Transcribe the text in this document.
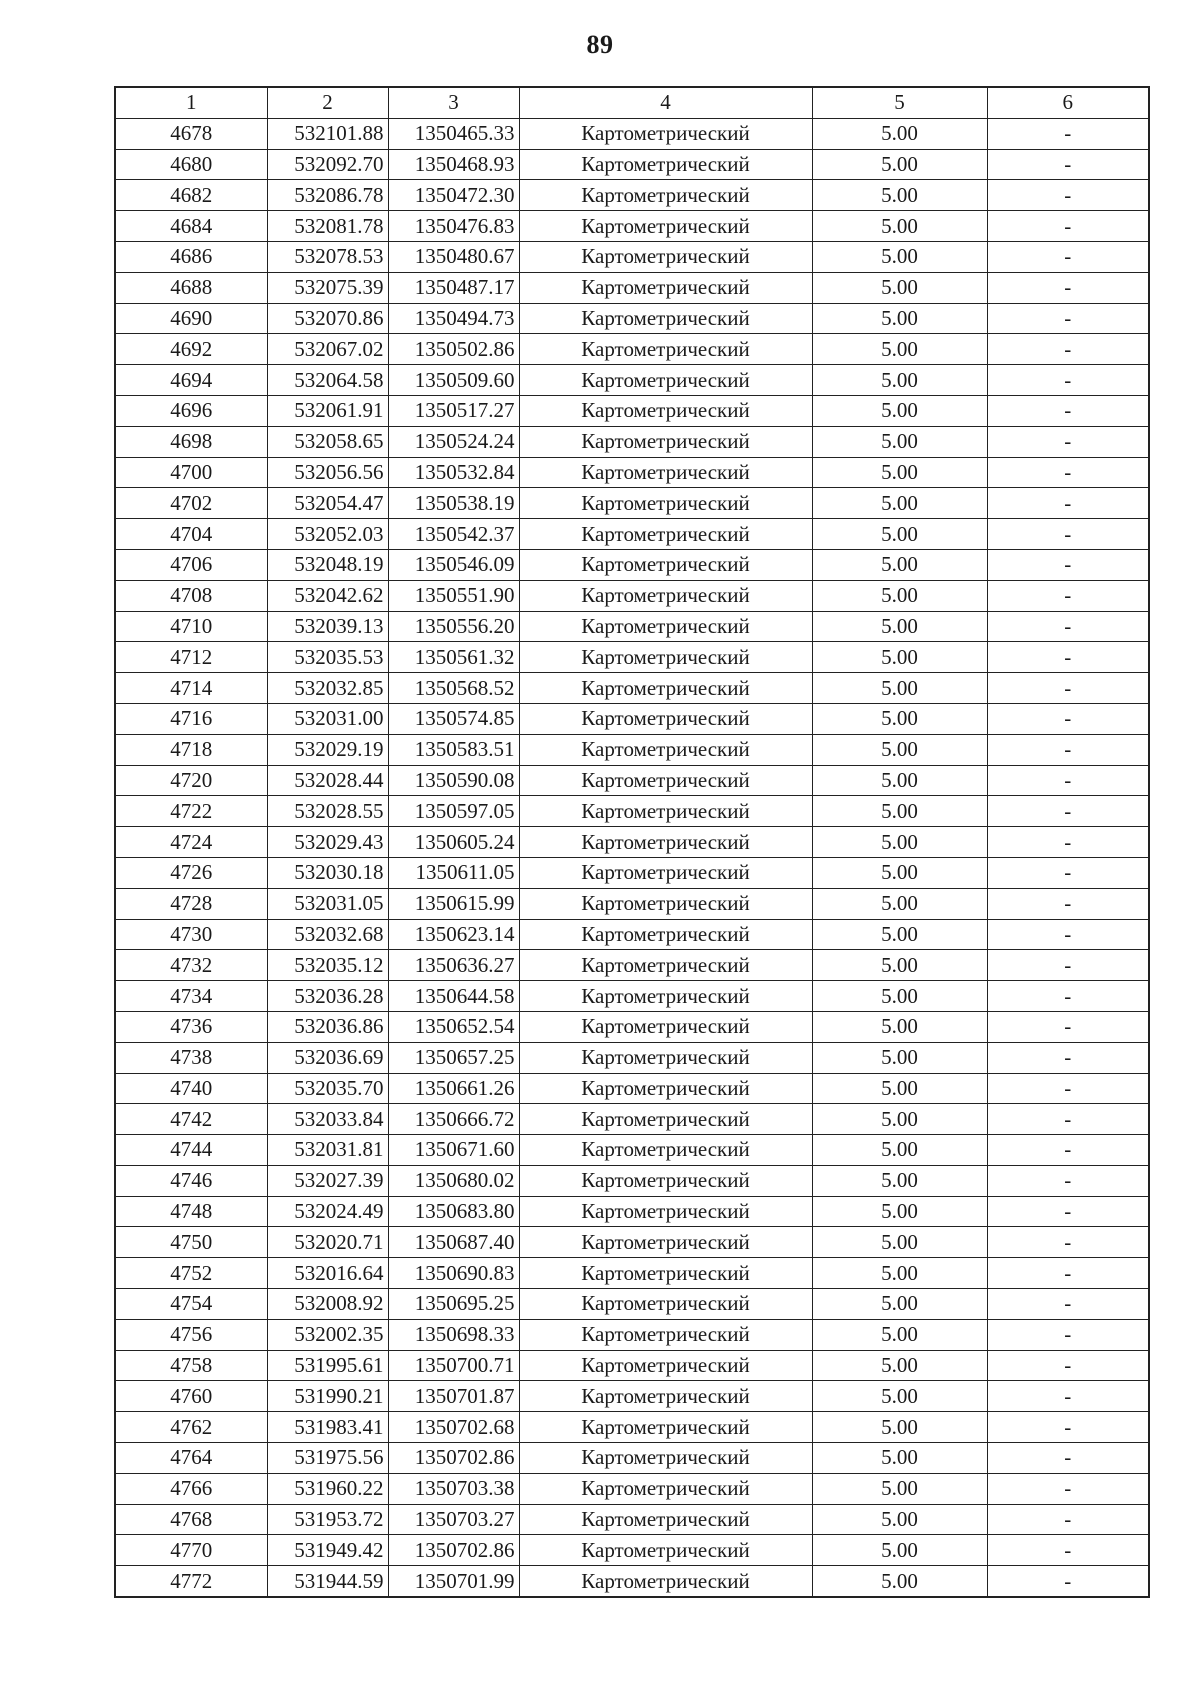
89
1	2	3	4	5	6
4678	532101.88	1350465.33	Картометрический	5.00	-
4680	532092.70	1350468.93	Картометрический	5.00	-
4682	532086.78	1350472.30	Картометрический	5.00	-
4684	532081.78	1350476.83	Картометрический	5.00	-
4686	532078.53	1350480.67	Картометрический	5.00	-
4688	532075.39	1350487.17	Картометрический	5.00	-
4690	532070.86	1350494.73	Картометрический	5.00	-
4692	532067.02	1350502.86	Картометрический	5.00	-
4694	532064.58	1350509.60	Картометрический	5.00	-
4696	532061.91	1350517.27	Картометрический	5.00	-
4698	532058.65	1350524.24	Картометрический	5.00	-
4700	532056.56	1350532.84	Картометрический	5.00	-
4702	532054.47	1350538.19	Картометрический	5.00	-
4704	532052.03	1350542.37	Картометрический	5.00	-
4706	532048.19	1350546.09	Картометрический	5.00	-
4708	532042.62	1350551.90	Картометрический	5.00	-
4710	532039.13	1350556.20	Картометрический	5.00	-
4712	532035.53	1350561.32	Картометрический	5.00	-
4714	532032.85	1350568.52	Картометрический	5.00	-
4716	532031.00	1350574.85	Картометрический	5.00	-
4718	532029.19	1350583.51	Картометрический	5.00	-
4720	532028.44	1350590.08	Картометрический	5.00	-
4722	532028.55	1350597.05	Картометрический	5.00	-
4724	532029.43	1350605.24	Картометрический	5.00	-
4726	532030.18	1350611.05	Картометрический	5.00	-
4728	532031.05	1350615.99	Картометрический	5.00	-
4730	532032.68	1350623.14	Картометрический	5.00	-
4732	532035.12	1350636.27	Картометрический	5.00	-
4734	532036.28	1350644.58	Картометрический	5.00	-
4736	532036.86	1350652.54	Картометрический	5.00	-
4738	532036.69	1350657.25	Картометрический	5.00	-
4740	532035.70	1350661.26	Картометрический	5.00	-
4742	532033.84	1350666.72	Картометрический	5.00	-
4744	532031.81	1350671.60	Картометрический	5.00	-
4746	532027.39	1350680.02	Картометрический	5.00	-
4748	532024.49	1350683.80	Картометрический	5.00	-
4750	532020.71	1350687.40	Картометрический	5.00	-
4752	532016.64	1350690.83	Картометрический	5.00	-
4754	532008.92	1350695.25	Картометрический	5.00	-
4756	532002.35	1350698.33	Картометрический	5.00	-
4758	531995.61	1350700.71	Картометрический	5.00	-
4760	531990.21	1350701.87	Картометрический	5.00	-
4762	531983.41	1350702.68	Картометрический	5.00	-
4764	531975.56	1350702.86	Картометрический	5.00	-
4766	531960.22	1350703.38	Картометрический	5.00	-
4768	531953.72	1350703.27	Картометрический	5.00	-
4770	531949.42	1350702.86	Картометрический	5.00	-
4772	531944.59	1350701.99	Картометрический	5.00	-
